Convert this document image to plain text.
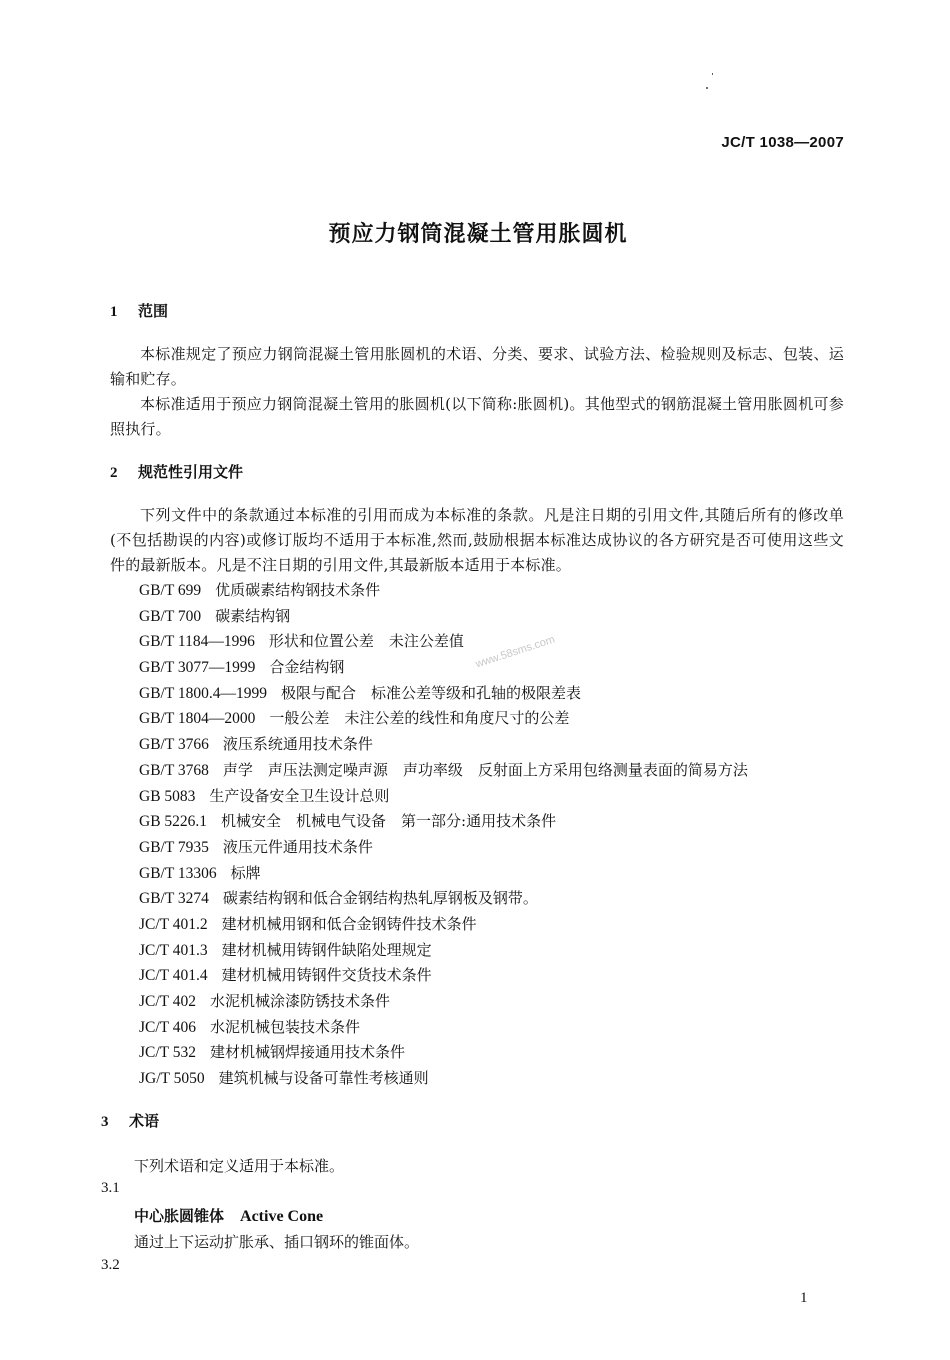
JC/T 1038—2007
预应力钢筒混凝土管用胀圆机
1 范围
本标准规定了预应力钢筒混凝土管用胀圆机的术语、分类、要求、试验方法、检验规则及标志、包装、运输和贮存。
本标准适用于预应力钢筒混凝土管用的胀圆机(以下简称:胀圆机)。其他型式的钢筋混凝土管用胀圆机可参照执行。
2 规范性引用文件
下列文件中的条款通过本标准的引用而成为本标准的条款。凡是注日期的引用文件,其随后所有的修改单(不包括勘误的内容)或修订版均不适用于本标准,然而,鼓励根据本标准达成协议的各方研究是否可使用这些文件的最新版本。凡是不注日期的引用文件,其最新版本适用于本标准。
GB/T 699 优质碳素结构钢技术条件
GB/T 700 碳素结构钢
GB/T 1184—1996 形状和位置公差　未注公差值
GB/T 3077—1999 合金结构钢
GB/T 1800.4—1999 极限与配合　标准公差等级和孔轴的极限差表
GB/T 1804—2000 一般公差　未注公差的线性和角度尺寸的公差
GB/T 3766 液压系统通用技术条件
GB/T 3768 声学　声压法测定噪声源　声功率级　反射面上方采用包络测量表面的简易方法
GB 5083 生产设备安全卫生设计总则
GB 5226.1 机械安全　机械电气设备　第一部分:通用技术条件
GB/T 7935 液压元件通用技术条件
GB/T 13306 标牌
GB/T 3274 碳素结构钢和低合金钢结构热轧厚钢板及钢带。
JC/T 401.2 建材机械用钢和低合金钢铸件技术条件
JC/T 401.3 建材机械用铸钢件缺陷处理规定
JC/T 401.4 建材机械用铸钢件交货技术条件
JC/T 402 水泥机械涂漆防锈技术条件
JC/T 406 水泥机械包装技术条件
JC/T 532 建材机械钢焊接通用技术条件
JG/T 5050 建筑机械与设备可靠性考核通则
www.58sms.com
3 术语
下列术语和定义适用于本标准。
3.1
中心胀圆锥体 Active Cone
通过上下运动扩胀承、插口钢环的锥面体。
3.2
1
